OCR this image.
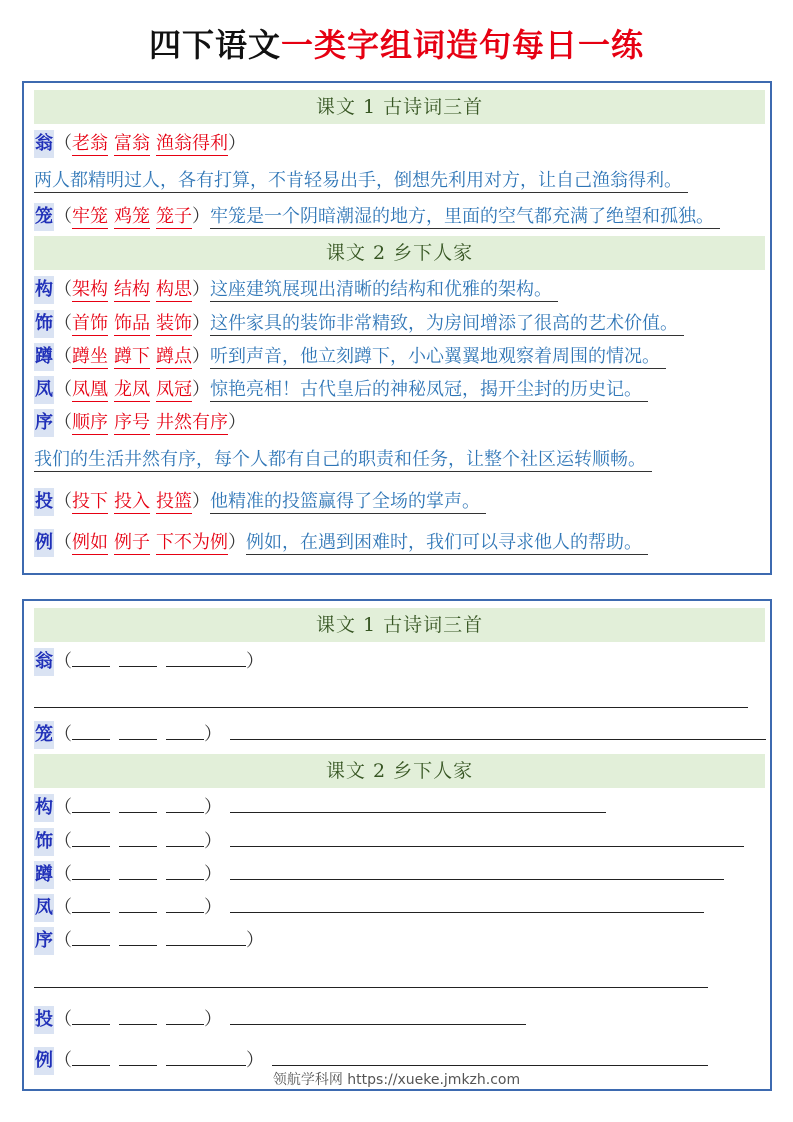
四下语文一类字组词造句每日一练
课文 1 古诗词三首
翁（老翁 富翁 渔翁得利）
两人都精明过人，各有打算，不肯轻易出手，倒想先利用对方，让自己渔翁得利。
笼（牢笼 鸡笼 笼子）牢笼是一个阴暗潮湿的地方，里面的空气都充满了绝望和孤独。
课文 2 乡下人家
构（架构 结构 构思）这座建筑展现出清晰的结构和优雅的架构。
饰（首饰 饰品 装饰）这件家具的装饰非常精致，为房间增添了很高的艺术价值。
蹲（蹲坐 蹲下 蹲点）听到声音，他立刻蹲下，小心翼翼地观察着周围的情况。
凤（凤凰 龙凤 凤冠）惊艳亮相！古代皇后的神秘凤冠，揭开尘封的历史记。
序（顺序 序号 井然有序）
我们的生活井然有序，每个人都有自己的职责和任务，让整个社区运转顺畅。
投（投下 投入 投篮）他精准的投篮赢得了全场的掌声。
例（例如 例子 下不为例）例如，在遇到困难时，我们可以寻求他人的帮助。
课文 1 古诗词三首
翁（	）
笼（	）
课文 2 乡下人家
构（	）
饰（	）
蹲（	）
凤（	）
序（	）
投（	）
例（	）
领航学科网 https://xueke.jmkzh.com
